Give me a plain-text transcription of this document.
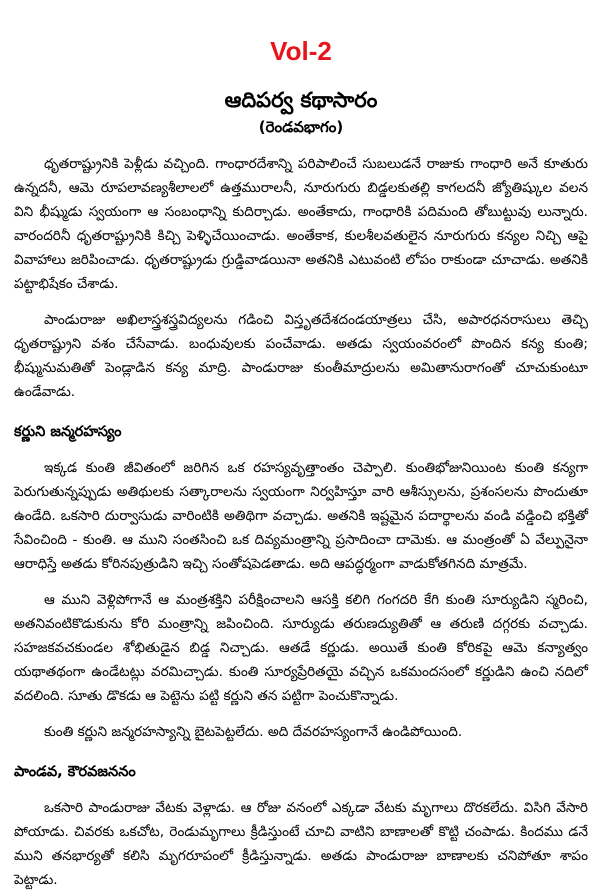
Vol-2
ఆదిపర్వ కథాసారం
(రెండవభాగం)

ధృతరాష్ట్రునికి పెళ్లీడు వచ్చింది. గాంధారదేశాన్ని పరిపాలించే సుబలుడనే రాజుకు గాంధారి అనే కూతురు ఉన్నదనీ, ఆమె రూపలావణ్యశీలాలలో ఉత్తమురాలనీ, నూరుగురు బిడ్డలకుతల్లి కాగలదనీ జ్యోతిష్కుల వలన విని భీష్ముడు స్వయంగా ఆ సంబంధాన్ని కుదిర్చాడు. అంతేకాదు, గాంధారికి పదిమంది తోబుట్టువు లున్నారు. వారందరినీ ధృతరాష్ట్రునికి కిచ్చి పెళ్ళిచేయించాడు. అంతేకాక, కులశీలవతులైన నూరుగురు కన్యల నిచ్చి ఆపై వివాహాలు జరిపించాడు. ధృతరాష్ట్రుడు గ్రుడ్డివాడయినా అతనికి ఎటువంటి లోపం రాకుండా చూచాడు. అతనికి పట్టాభిషేకం చేశాడు.

పాండురాజు అఖిలాస్త్రశస్త్రవిద్యలను గడించి విస్తృతదేశదండయాత్రలు చేసి, అపారధనరాసులు తెచ్చి ధృతరాష్ట్రుని వశం చేసేవాడు. బంధువులకు పంచేవాడు. అతడు స్వయంవరంలో పొందిన కన్య కుంతి; భీష్మునుమతితో పెండ్లాడిన కన్య మాద్రి. పాండురాజు కుంతీమాద్రులను అమితానురాగంతో చూచుకుంటూ ఉండేవాడు.

కర్ణుని జన్మరహస్యం

ఇక్కడ కుంతి జీవితంలో జరిగిన ఒక రహస్యవృత్తాంతం చెప్పాలి. కుంతిభోజునియింట కుంతి కన్యగా పెరుగుతున్నప్పుడు అతిథులకు సత్కారాలను స్వయంగా నిర్వహిస్తూ వారి ఆశీస్సులను, ప్రశంసలను పొందుతూ ఉండేది. ఒకసారి దుర్వాసుడు వారింటికి అతిథిగా వచ్చాడు. అతనికి ఇష్టమైన పదార్థాలను వండి వడ్డించి భక్తితో సేవించింది - కుంతి. ఆ ముని సంతసించి ఒక దివ్యమంత్రాన్ని ప్రసాదించా దామెకు. ఆ మంత్రంతో ఏ వేల్పునైనా ఆరాధిస్తే అతడు కోరినపుత్రుడిని ఇచ్చి సంతోషపెడతాడు. అది ఆపద్ధర్మంగా వాడుకోతగినది మాత్రమే.

ఆ ముని వెళ్లిపోగానే ఆ మంత్రశక్తిని పరీక్షించాలని ఆసక్తి కలిగి గంగదరి కేగి కుంతి సూర్యుడిని స్మరించి, అతనివంటికొడుకును కోరి మంత్రాన్ని జపించింది. సూర్యుడు తరుణద్యుతితో ఆ తరుణి దగ్గరకు వచ్చాడు. సహజకవచకుండల శోభితుడైన బిడ్డ నిచ్చాడు. ఆతడే కర్ణుడు. అయితే కుంతి కోరికపై ఆమె కన్యాత్వం యథాతథంగా ఉండేటట్లు వరమిచ్చాడు. కుంతి సూర్యప్రేరితయై వచ్చిన ఒకమందసంలో కర్ణుడిని ఉంచి నదిలో వదలింది. సూతు డొకడు ఆ పెట్టెను పట్టి కర్ణుని తన పట్టిగా పెంచుకొన్నాడు.

కుంతి కర్ణుని జన్మరహస్యాన్ని బైటపెట్టలేదు. అది దేవరహస్యంగానే ఉండిపోయింది.

పాండవ, కౌరవజననం

ఒకసారి పాండురాజు వేటకు వెళ్లాడు. ఆ రోజు వనంలో ఎక్కడా వేటకు మృగాలు దొరకలేదు. విసిగి వేసారి పోయాడు. చివరకు ఒకచోట, రెండుమృగాలు క్రీడిస్తుంటే చూచి వాటిని బాణాలతో కొట్టి చంపాడు. కిందము డనే ముని తనభార్యతో కలిసి మృగరూపంలో క్రీడిస్తున్నాడు. అతడు పాండురాజు బాణాలకు చనిపోతూ శాపం పెట్టాడు.
